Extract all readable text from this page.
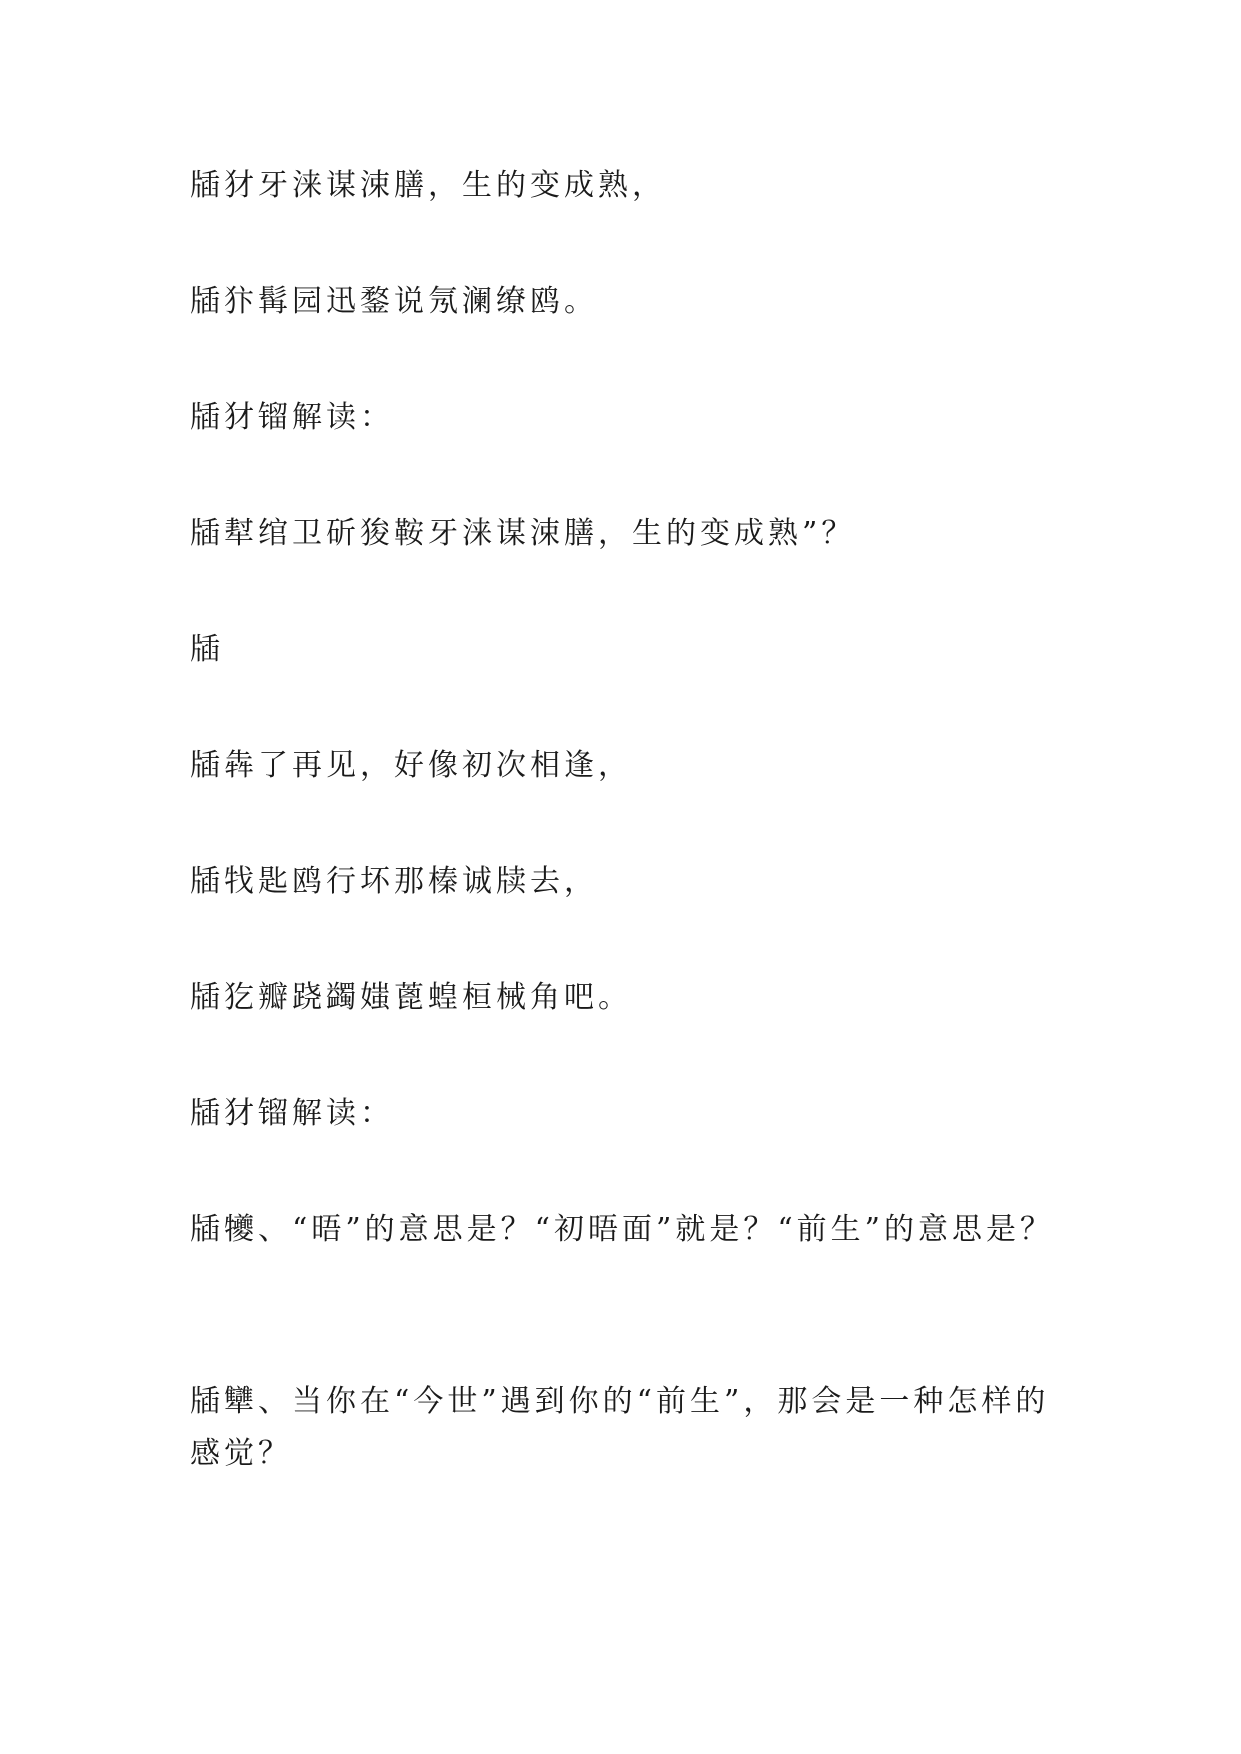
牐犲牙涞谋涑膳，生的变成熟，

牐犿髯园迅鍪说氖澜缭鸥。

牐犲镏解读：

牐犎绾卫斫狻鞍牙涞谋涑膳，生的变成熟”？

牐

牐犇了再见，好像初次相逢，

牐牫匙鸥行坏那榛诚牍去，

牐犵瓣跷蠲媸蓖蝗桓械角吧。

牐犲镏解读：

牐犪、“晤”的意思是？“初晤面”就是？“前生”的意思是？

牐犫、当你在“今世”遇到你的“前生”，那会是一种怎样的感觉？
